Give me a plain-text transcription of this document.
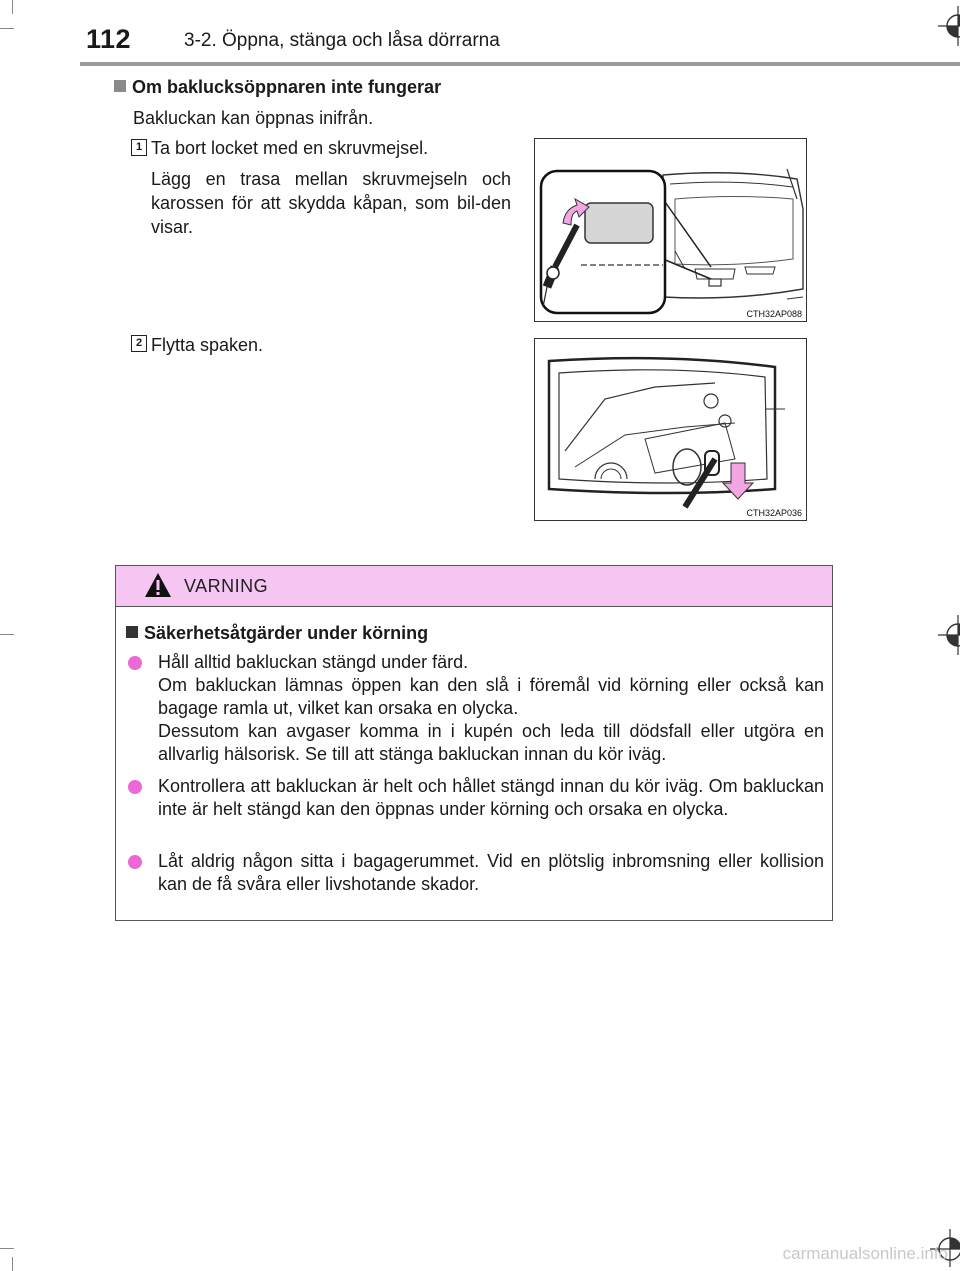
112	3-2. Öppna, stänga och låsa dörrarna
Om baklucksöppnaren inte fungerar
Bakluckan kan öppnas inifrån.
1 Ta bort locket med en skruvmejsel.
Lägg en trasa mellan skruvmejseln och karossen för att skydda kåpan, som bil-den visar.
CTH32AP088
2 Flytta spaken.
CTH32AP036
VARNING
Säkerhetsåtgärder under körning

Håll alltid bakluckan stängd under färd.

Om bakluckan lämnas öppen kan den slå i föremål vid körning eller också kan bagage ramla ut, vilket kan orsaka en olycka.

Dessutom kan avgaser komma in i kupén och leda till dödsfall eller utgöra en allvarlig hälsorisk. Se till att stänga bakluckan innan du kör iväg.

Kontrollera att bakluckan är helt och hållet stängd innan du kör iväg. Om bakluckan inte är helt stängd kan den öppnas under körning och orsaka en olycka.

Låt aldrig någon sitta i bagagerummet. Vid en plötslig inbromsning eller kollision kan de få svåra eller livshotande skador.

carmanualsonline.info
